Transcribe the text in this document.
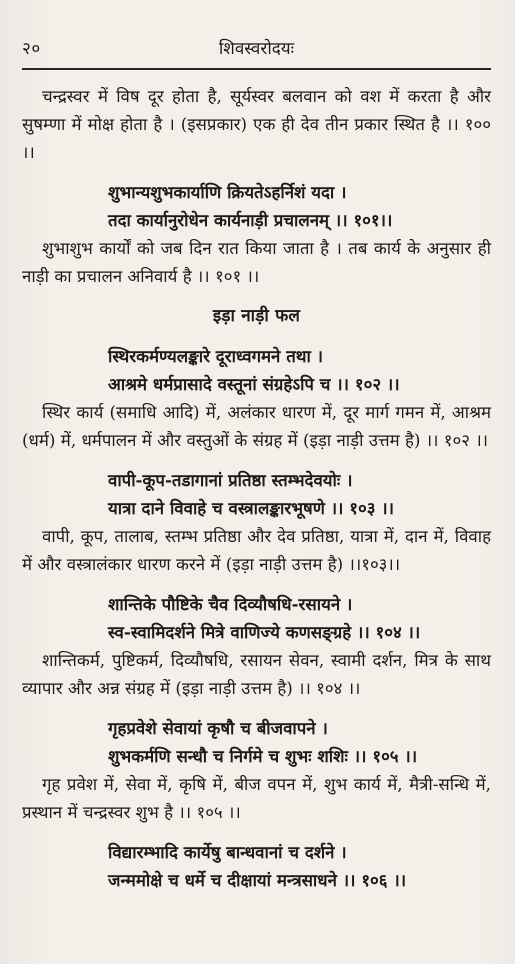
२०	शिवस्वरोदयः

चन्द्रस्वर में विष दूर होता है, सूर्यस्वर बलवान को वश में करता है और सुषम्णा में मोक्ष होता है । (इसप्रकार) एक ही देव तीन प्रकार स्थित है ।। १०० ।।

शुभान्यशुभकार्याणि क्रियतेऽहर्निशं यदा ।
तदा कार्यानुरोधेन कार्यनाड़ी प्रचालनम् ।। १०१।।

शुभाशुभ कार्यों को जब दिन रात किया जाता है । तब कार्य के अनुसार ही नाड़ी का प्रचालन अनिवार्य है ।। १०१ ।।

इड़ा नाड़ी फल
स्थिरकर्मण्यलङ्कारे दूराध्वगमने तथा ।
आश्रमे धर्मप्रासादे वस्तूनां संग्रहेऽपि च ।। १०२ ।।

स्थिर कार्य (समाधि आदि) में, अलंकार धारण में, दूर मार्ग गमन में, आश्रम (धर्म) में, धर्मपालन में और वस्तुओं के संग्रह में (इड़ा नाड़ी उत्तम है) ।। १०२ ।।

वापी-कूप-तडागानां प्रतिष्ठा स्तम्भदेवयोः ।
यात्रा दाने विवाहे च वस्त्रालङ्कारभूषणे ।। १०३ ।।

वापी, कूप, तालाब, स्तम्भ प्रतिष्ठा और देव प्रतिष्ठा, यात्रा में, दान में, विवाह में और वस्त्रालंकार धारण करने में (इड़ा नाड़ी उत्तम है) ।।१०३।।

शान्तिके पौष्टिके चैव दिव्यौषधि-रसायने ।
स्व-स्वामिदर्शने मित्रे वाणिज्ये कणसङ्ग्रहे ।। १०४ ।।

शान्तिकर्म, पुष्टिकर्म, दिव्यौषधि, रसायन सेवन, स्वामी दर्शन, मित्र के साथ व्यापार और अन्न संग्रह में (इड़ा नाड़ी उत्तम है) ।। १०४ ।।

गृहप्रवेशे सेवायां कृषौ च बीजवापने ।
शुभकर्मणि सन्धौ च निर्गमे च शुभः शशिः ।। १०५ ।।

गृह प्रवेश में, सेवा में, कृषि में, बीज वपन में, शुभ कार्य में, मैत्री-सन्धि में, प्रस्थान में चन्द्रस्वर शुभ है ।। १०५ ।।

विद्यारम्भादि कार्येषु बान्धवानां च दर्शने ।
जन्ममोक्षे च धर्मे च दीक्षायां मन्त्रसाधने ।। १०६ ।।
